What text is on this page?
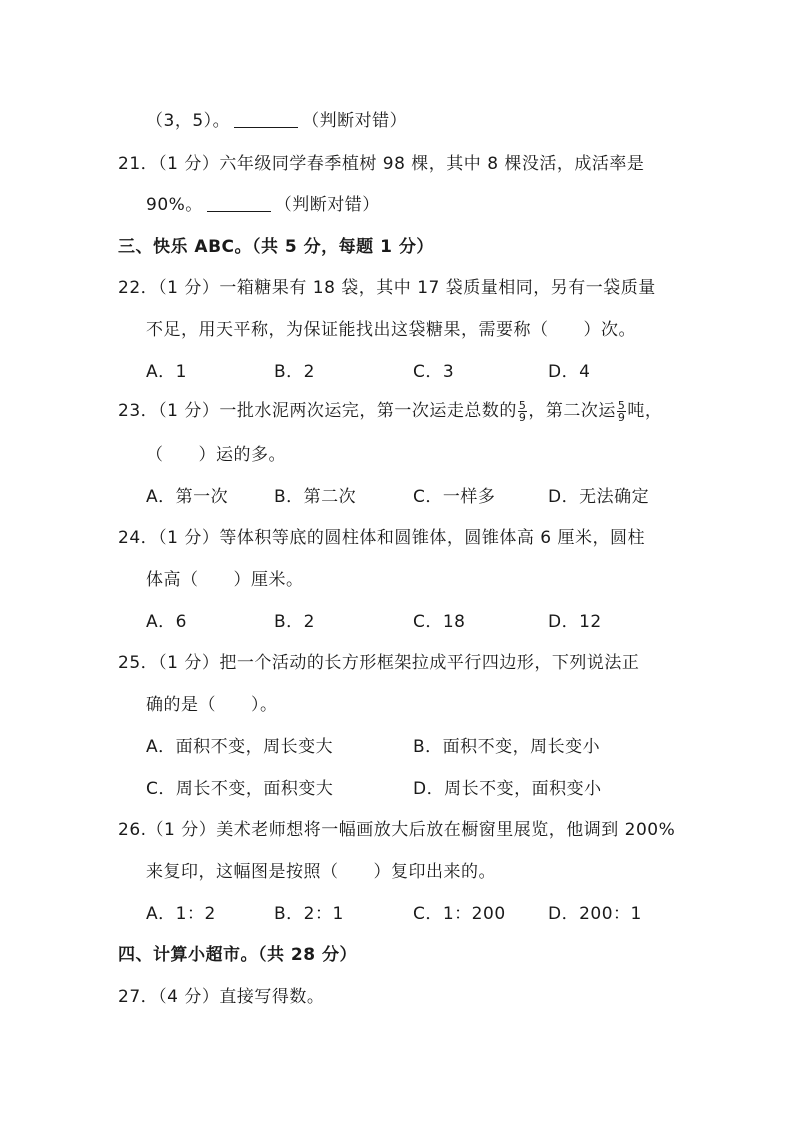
（3，5）。	（判断对错）
21．（1 分）六年级同学春季植树 98 棵，其中 8 棵没活，成活率是
90%。	（判断对错）
三、快乐 ABC。（共 5 分，每题 1 分）
22．（1 分）一箱糖果有 18 袋，其中 17 袋质量相同，另有一袋质量
不足，用天平称，为保证能找出这袋糖果，需要称（　　）次。
A．1	B．2	C．3	D．4
23．（1 分）一批水泥两次运完，第一次运走总数的 $\frac{5}{9}$ ，第二次运 $\frac{5}{9}$ 吨，
（　　）运的多。
A．第一次	B．第二次	C．一样多	D．无法确定
24．（1 分）等体积等底的圆柱体和圆锥体，圆锥体高 6 厘米，圆柱
体高（　　）厘米。
A．6	B．2	C．18	D．12
25．（1 分）把一个活动的长方形框架拉成平行四边形，下列说法正
确的是（　　）。
A．面积不变，周长变大	B．面积不变，周长变小
C．周长不变，面积变大	D．周长不变，面积变小
26.（1 分）美术老师想将一幅画放大后放在橱窗里展览，他调到 200%
来复印，这幅图是按照（　　）复印出来的。
A．1：2	B．2：1	C．1：200 D．200：1
四、计算小超市。（共 28 分）
27．（4 分）直接写得数。
